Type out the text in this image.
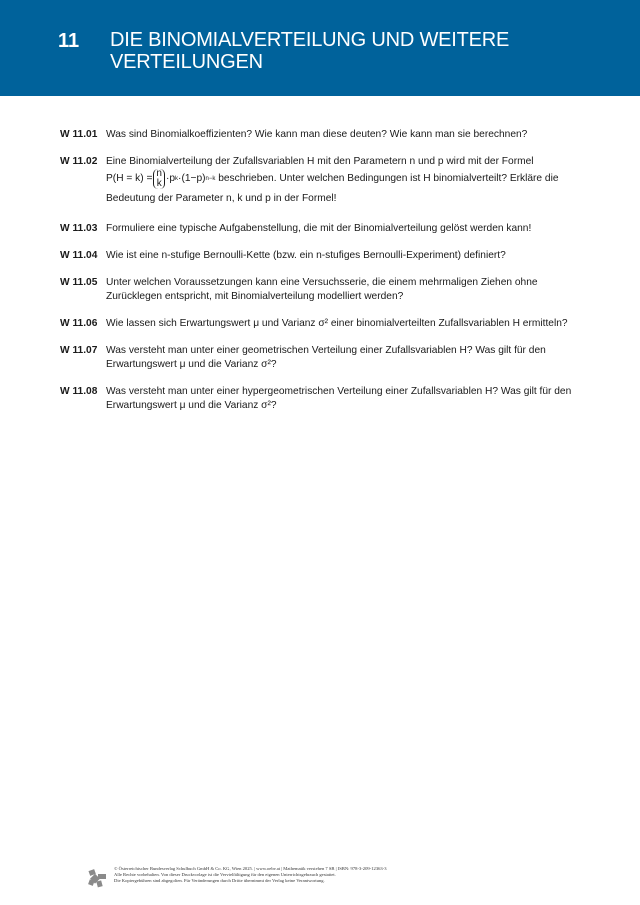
11 DIE BINOMIALVERTEILUNG UND WEITERE VERTEILUNGEN
W 11.01 Was sind Binomialkoeffizienten? Wie kann man diese deuten? Wie kann man sie berechnen?
W 11.02 Eine Binomialverteilung der Zufallsvariablen H mit den Parametern n und p wird mit der Formel
P(H = k) = n
k ·p k ·(1−p) n−k beschrieben. Unter welchen Bedingungen ist H binomialverteilt? Erkläre die Bedeutung der Parameter n, k und p in der Formel!
W 11.03 Formuliere eine typische Aufgabenstellung, die mit der Binomialverteilung gelöst werden kann!
W 11.04 Wie ist eine n-stufige Bernoulli-Kette (bzw. ein n-stufiges Bernoulli-Experiment) definiert?
W 11.05 Unter welchen Voraussetzungen kann eine Versuchsserie, die einem mehrmaligen Ziehen ohne Zurücklegen entspricht, mit Binomialverteilung modelliert werden?
W 11.06 Wie lassen sich Erwartungswert μ und Varianz σ² einer binomialverteilten Zufallsvariablen H ermitteln?
W 11.07 Was versteht man unter einer geometrischen Verteilung einer Zufallsvariablen H? Was gilt für den Erwartungswert μ und die Varianz σ²?
W 11.08 Was versteht man unter einer hypergeometrischen Verteilung einer Zufallsvariablen H? Was gilt für den Erwartungswert μ und die Varianz σ²?
© Österreichischer Bundesverlag Schulbuch GmbH & Co. KG, Wien 2025. | www.oebv.at | Mathematik verstehen 7 SB | ISBN: 978-3-209-12363-3
Alle Rechte vorbehalten. Von dieser Druckvorlage ist die Vervielfältigung für den eigenen Unterrichtsgebrauch gestattet.
Die Kopiergebühren sind abgegolten. Für Veränderungen durch Dritte übernimmt der Verlag keine Verantwortung.
